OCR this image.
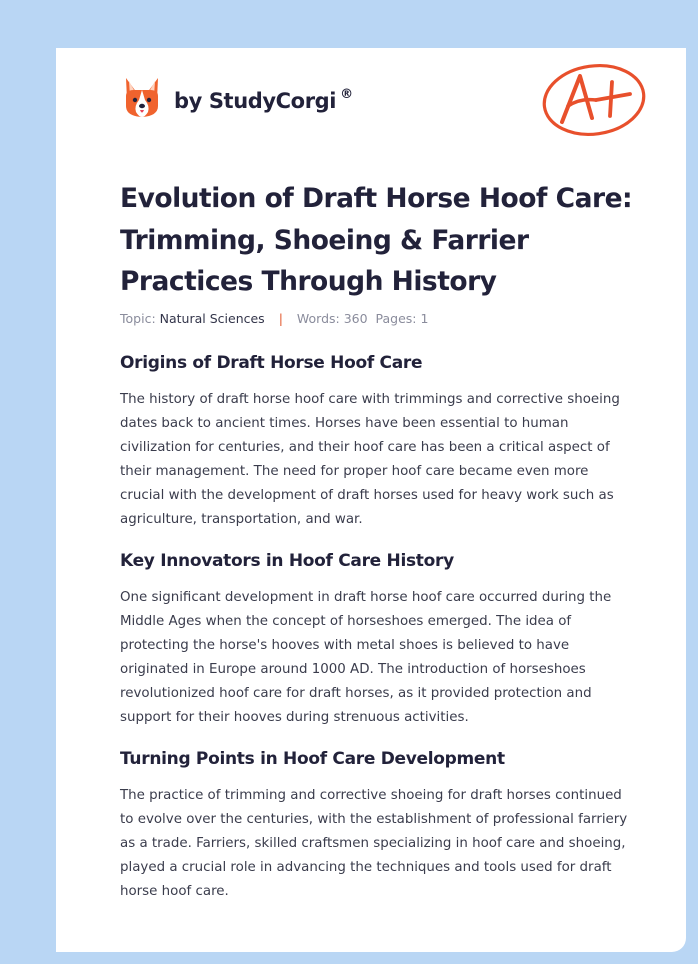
by StudyCorgi ®
Evolution of Draft Horse Hoof Care: Trimming, Shoeing & Farrier Practices Through History
Topic: Natural Sciences | Words: 360 Pages: 1
Origins of Draft Horse Hoof Care

The history of draft horse hoof care with trimmings and corrective shoeing dates back to ancient times. Horses have been essential to human civilization for centuries, and their hoof care has been a critical aspect of their management. The need for proper hoof care became even more crucial with the development of draft horses used for heavy work such as agriculture, transportation, and war.

Key Innovators in Hoof Care History

One significant development in draft horse hoof care occurred during the Middle Ages when the concept of horseshoes emerged. The idea of protecting the horse's hooves with metal shoes is believed to have originated in Europe around 1000 AD. The introduction of horseshoes revolutionized hoof care for draft horses, as it provided protection and support for their hooves during strenuous activities.

Turning Points in Hoof Care Development

The practice of trimming and corrective shoeing for draft horses continued to evolve over the centuries, with the establishment of professional farriery as a trade. Farriers, skilled craftsmen specializing in hoof care and shoeing, played a crucial role in advancing the techniques and tools used for draft horse hoof care.
